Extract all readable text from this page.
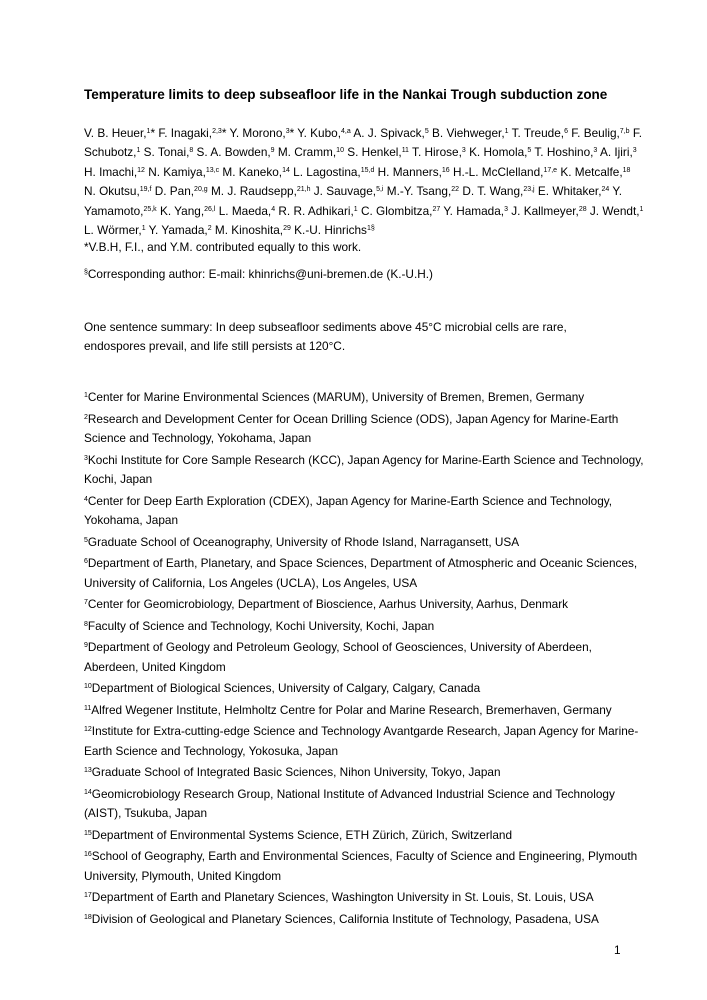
Temperature limits to deep subseafloor life in the Nankai Trough subduction zone
V. B. Heuer,$^1$* F. Inagaki,$^{2,3}$* Y. Morono,$^3$* Y. Kubo,$^{4,a}$ A. J. Spivack,$^5$ B. Viehweger,$^1$ T. Treude,$^6$ F. Beulig,$^{7,b}$ F. Schubotz,$^1$ S. Tonai,$^8$ S. A. Bowden,$^9$ M. Cramm,$^{10}$ S. Henkel,$^{11}$ T. Hirose,$^3$ K. Homola,$^5$ T. Hoshino,$^3$ A. Ijiri,$^3$ H. Imachi,$^{12}$ N. Kamiya,$^{13,c}$ M. Kaneko,$^{14}$ L. Lagostina,$^{15,d}$ H. Manners,$^{16}$ H.-L. McClelland,$^{17,e}$ K. Metcalfe,$^{18}$ N. Okutsu,$^{19,f}$ D. Pan,$^{20,g}$ M. J. Raudsepp,$^{21,h}$ J. Sauvage,$^{5,i}$ M.-Y. Tsang,$^{22}$ D. T. Wang,$^{23,j}$ E. Whitaker,$^{24}$ Y. Yamamoto,$^{25,k}$ K. Yang,$^{26,l}$ L. Maeda,$^4$ R. R. Adhikari,$^1$ C. Glombitza,$^{27}$ Y. Hamada,$^3$ J. Kallmeyer,$^{28}$ J. Wendt,$^1$ L. Wörmer,$^1$ Y. Yamada,$^2$ M. Kinoshita,$^{29}$ K.-U. Hinrichs$^{1\S}$
*V.B.H, F.I., and Y.M. contributed equally to this work.
§Corresponding author: E-mail: khinrichs@uni-bremen.de (K.-U.H.)
One sentence summary: In deep subseafloor sediments above 45°C microbial cells are rare, endospores prevail, and life still persists at 120°C.
$^1$Center for Marine Environmental Sciences (MARUM), University of Bremen, Bremen, Germany
$^2$Research and Development Center for Ocean Drilling Science (ODS), Japan Agency for Marine-Earth Science and Technology, Yokohama, Japan
$^3$Kochi Institute for Core Sample Research (KCC), Japan Agency for Marine-Earth Science and Technology, Kochi, Japan
$^4$Center for Deep Earth Exploration (CDEX), Japan Agency for Marine-Earth Science and Technology, Yokohama, Japan
$^5$Graduate School of Oceanography, University of Rhode Island, Narragansett, USA
$^6$Department of Earth, Planetary, and Space Sciences, Department of Atmospheric and Oceanic Sciences, University of California, Los Angeles (UCLA), Los Angeles, USA
$^7$Center for Geomicrobiology, Department of Bioscience, Aarhus University, Aarhus, Denmark
$^8$Faculty of Science and Technology, Kochi University, Kochi, Japan
$^9$Department of Geology and Petroleum Geology, School of Geosciences, University of Aberdeen, Aberdeen, United Kingdom
$^{10}$Department of Biological Sciences, University of Calgary, Calgary, Canada
$^{11}$Alfred Wegener Institute, Helmholtz Centre for Polar and Marine Research, Bremerhaven, Germany
$^{12}$Institute for Extra-cutting-edge Science and Technology Avantgarde Research, Japan Agency for Marine-Earth Science and Technology, Yokosuka, Japan
$^{13}$Graduate School of Integrated Basic Sciences, Nihon University, Tokyo, Japan
$^{14}$Geomicrobiology Research Group, National Institute of Advanced Industrial Science and Technology (AIST), Tsukuba, Japan
$^{15}$Department of Environmental Systems Science, ETH Zürich, Zürich, Switzerland
$^{16}$School of Geography, Earth and Environmental Sciences, Faculty of Science and Engineering, Plymouth University, Plymouth, United Kingdom
$^{17}$Department of Earth and Planetary Sciences, Washington University in St. Louis, St. Louis, USA
$^{18}$Division of Geological and Planetary Sciences, California Institute of Technology, Pasadena, USA
1
